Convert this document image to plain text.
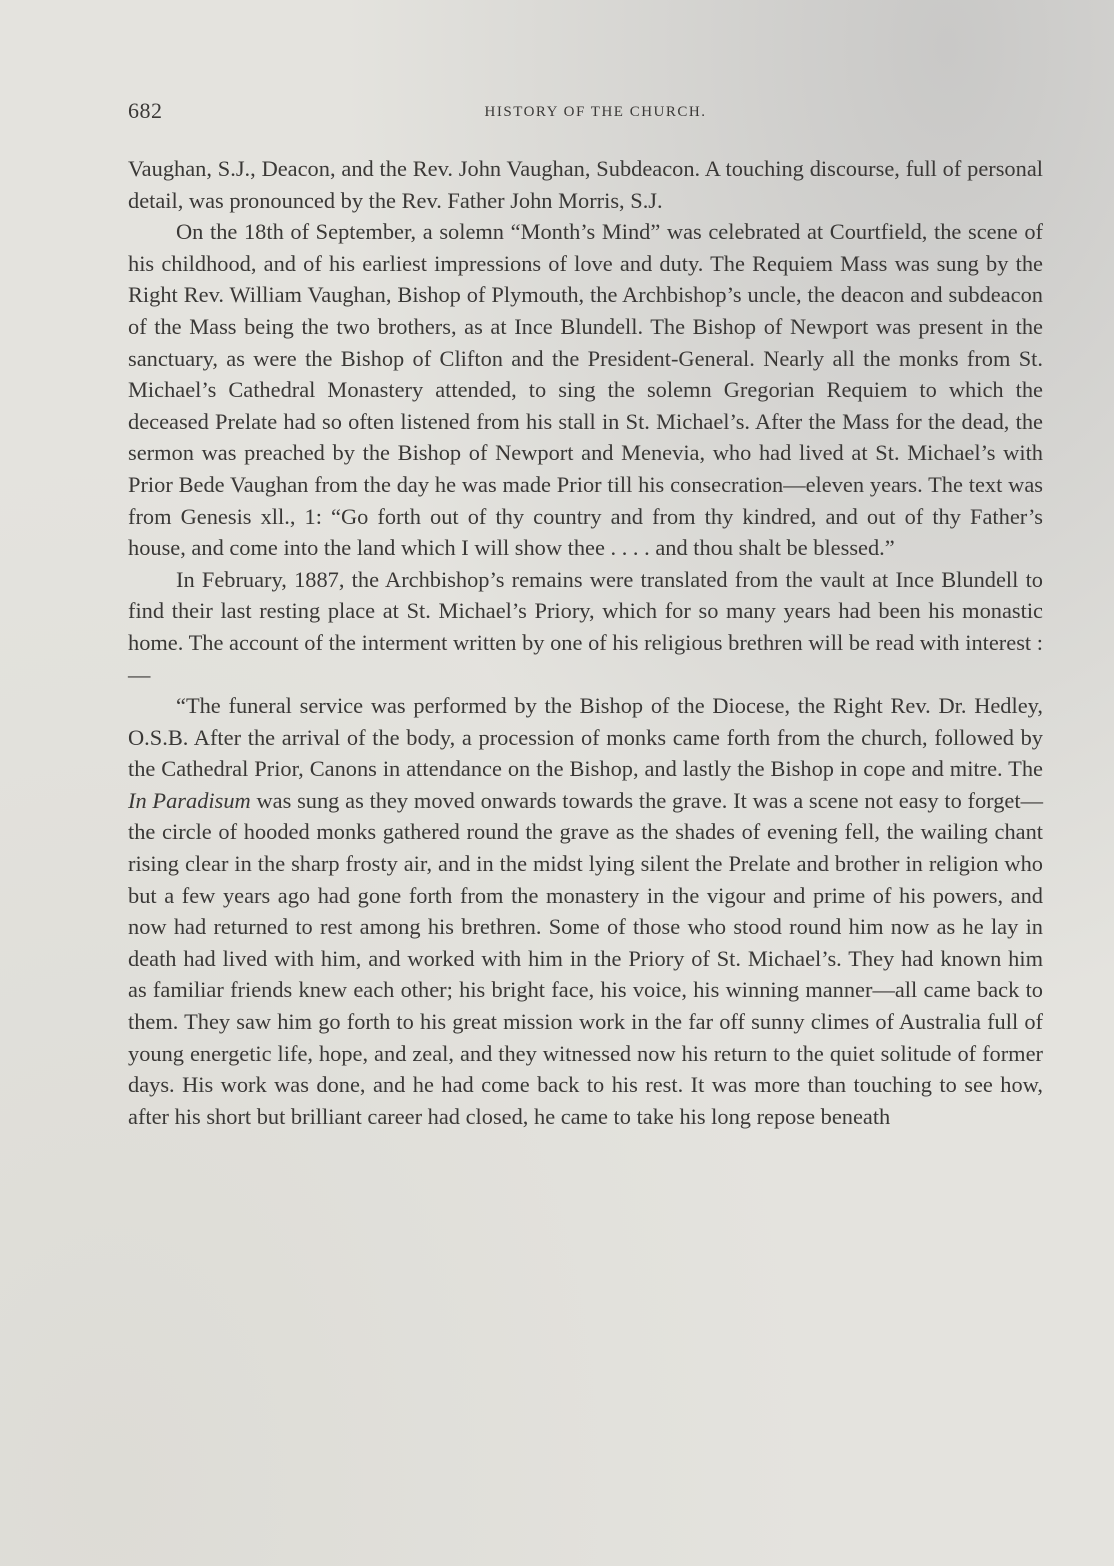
682	HISTORY OF THE CHURCH.

Vaughan, S.J., Deacon, and the Rev. John Vaughan, Subdeacon. A touching discourse, full of personal detail, was pronounced by the Rev. Father John Morris, S.J.

On the 18th of September, a solemn “Month’s Mind” was celebrated at Courtfield, the scene of his childhood, and of his earliest impressions of love and duty. The Requiem Mass was sung by the Right Rev. William Vaughan, Bishop of Plymouth, the Archbishop’s uncle, the deacon and subdeacon of the Mass being the two brothers, as at Ince Blundell. The Bishop of Newport was present in the sanctuary, as were the Bishop of Clifton and the President-General. Nearly all the monks from St. Michael’s Cathedral Monastery attended, to sing the solemn Gregorian Requiem to which the deceased Prelate had so often listened from his stall in St. Michael’s. After the Mass for the dead, the sermon was preached by the Bishop of Newport and Menevia, who had lived at St. Michael’s with Prior Bede Vaughan from the day he was made Prior till his consecration—eleven years. The text was from Genesis xll., 1: “Go forth out of thy country and from thy kindred, and out of thy Father’s house, and come into the land which I will show thee . . . . and thou shalt be blessed.”

In February, 1887, the Archbishop’s remains were translated from the vault at Ince Blundell to find their last resting place at St. Michael’s Priory, which for so many years had been his monastic home. The account of the interment written by one of his religious brethren will be read with interest :—

“The funeral service was performed by the Bishop of the Diocese, the Right Rev. Dr. Hedley, O.S.B. After the arrival of the body, a procession of monks came forth from the church, followed by the Cathedral Prior, Canons in attendance on the Bishop, and lastly the Bishop in cope and mitre. The In Paradisum was sung as they moved onwards towards the grave. It was a scene not easy to forget—the circle of hooded monks gathered round the grave as the shades of evening fell, the wailing chant rising clear in the sharp frosty air, and in the midst lying silent the Prelate and brother in religion who but a few years ago had gone forth from the monastery in the vigour and prime of his powers, and now had returned to rest among his brethren. Some of those who stood round him now as he lay in death had lived with him, and worked with him in the Priory of St. Michael’s. They had known him as familiar friends knew each other; his bright face, his voice, his winning manner—all came back to them. They saw him go forth to his great mission work in the far off sunny climes of Australia full of young energetic life, hope, and zeal, and they witnessed now his return to the quiet solitude of former days. His work was done, and he had come back to his rest. It was more than touching to see how, after his short but brilliant career had closed, he came to take his long repose beneath
